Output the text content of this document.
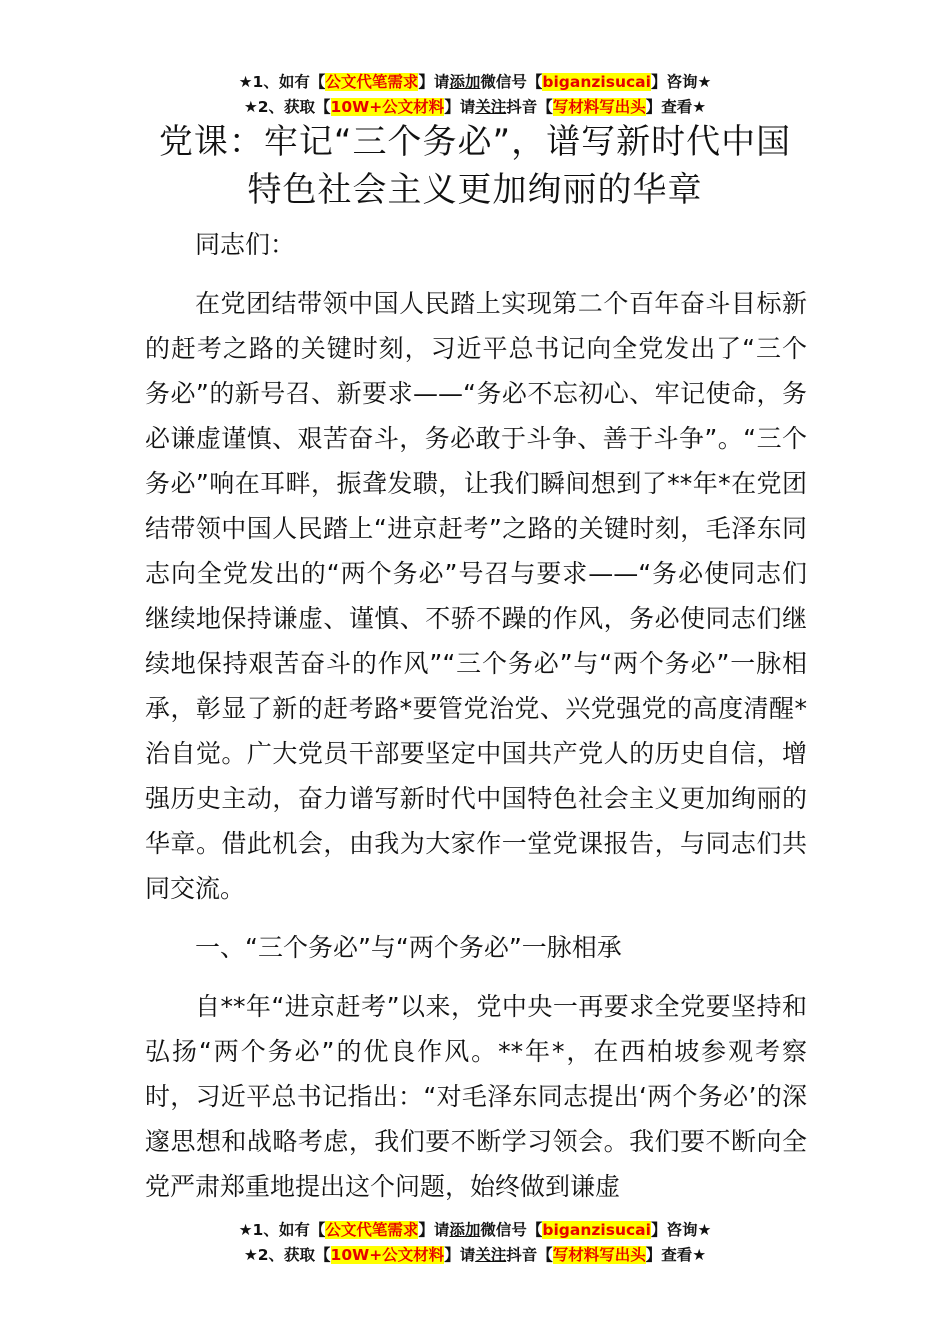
★1、如有【公文代笔需求】请添加微信号【biganzisucai】咨询★
★2、获取【10W+公文材料】请关注抖音【写材料写出头】查看★
党课：牢记“三个务必”，谱写新时代中国
特色社会主义更加绚丽的华章

同志们：

在党团结带领中国人民踏上实现第二个百年奋斗目标新的赶考之路的关键时刻，习近平总书记向全党发出了“三个务必”的新号召、新要求——“务必不忘初心、牢记使命，务必谦虚谨慎、艰苦奋斗，务必敢于斗争、善于斗争”。“三个务必”响在耳畔，振聋发聩，让我们瞬间想到了**年*在党团结带领中国人民踏上“进京赶考”之路的关键时刻，毛泽东同志向全党发出的“两个务必”号召与要求——“务必使同志们继续地保持谦虚、谨慎、不骄不躁的作风，务必使同志们继续地保持艰苦奋斗的作风”“三个务必”与“两个务必”一脉相承，彰显了新的赶考路*要管党治党、兴党强党的高度清醒*治自觉。广大党员干部要坚定中国共产党人的历史自信，增强历史主动，奋力谱写新时代中国特色社会主义更加绚丽的华章。借此机会，由我为大家作一堂党课报告，与同志们共同交流。

一、“三个务必”与“两个务必”一脉相承

自**年“进京赶考”以来，党中央一再要求全党要坚持和弘扬“两个务必”的优良作风。**年*，在西柏坡参观考察时，习近平总书记指出：“对毛泽东同志提出‘两个务必’的深邃思想和战略考虑，我们要不断学习领会。我们要不断向全党严肃郑重地提出这个问题，始终做到谦虚

★1、如有【公文代笔需求】请添加微信号【biganzisucai】咨询★
★2、获取【10W+公文材料】请关注抖音【写材料写出头】查看★
